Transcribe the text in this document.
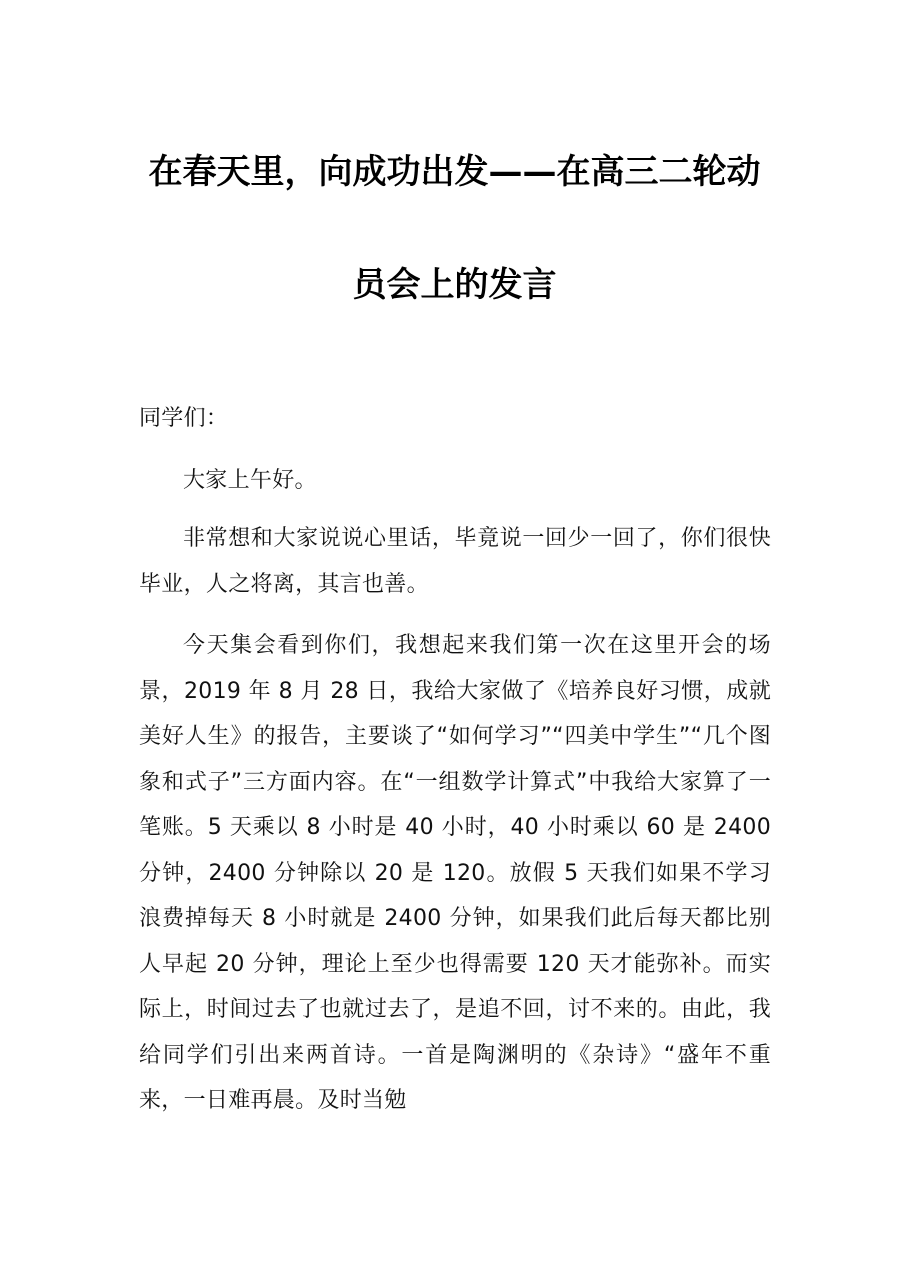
在春天里，向成功出发——在高三二轮动
员会上的发言

同学们：

大家上午好。

非常想和大家说说心里话，毕竟说一回少一回了，你们很快毕业，人之将离，其言也善。

今天集会看到你们，我想起来我们第一次在这里开会的场景，2019 年 8 月 28 日，我给大家做了《培养良好习惯，成就美好人生》的报告，主要谈了“如何学习”“四美中学生”“几个图象和式子”三方面内容。在“一组数学计算式”中我给大家算了一笔账。5 天乘以 8 小时是 40 小时，40 小时乘以 60 是 2400 分钟，2400 分钟除以 20 是 120。放假 5 天我们如果不学习浪费掉每天 8 小时就是 2400 分钟，如果我们此后每天都比别人早起 20 分钟，理论上至少也得需要 120 天才能弥补。而实际上，时间过去了也就过去了，是追不回，讨不来的。由此，我给同学们引出来两首诗。一首是陶渊明的《杂诗》“盛年不重来，一日难再晨。及时当勉
